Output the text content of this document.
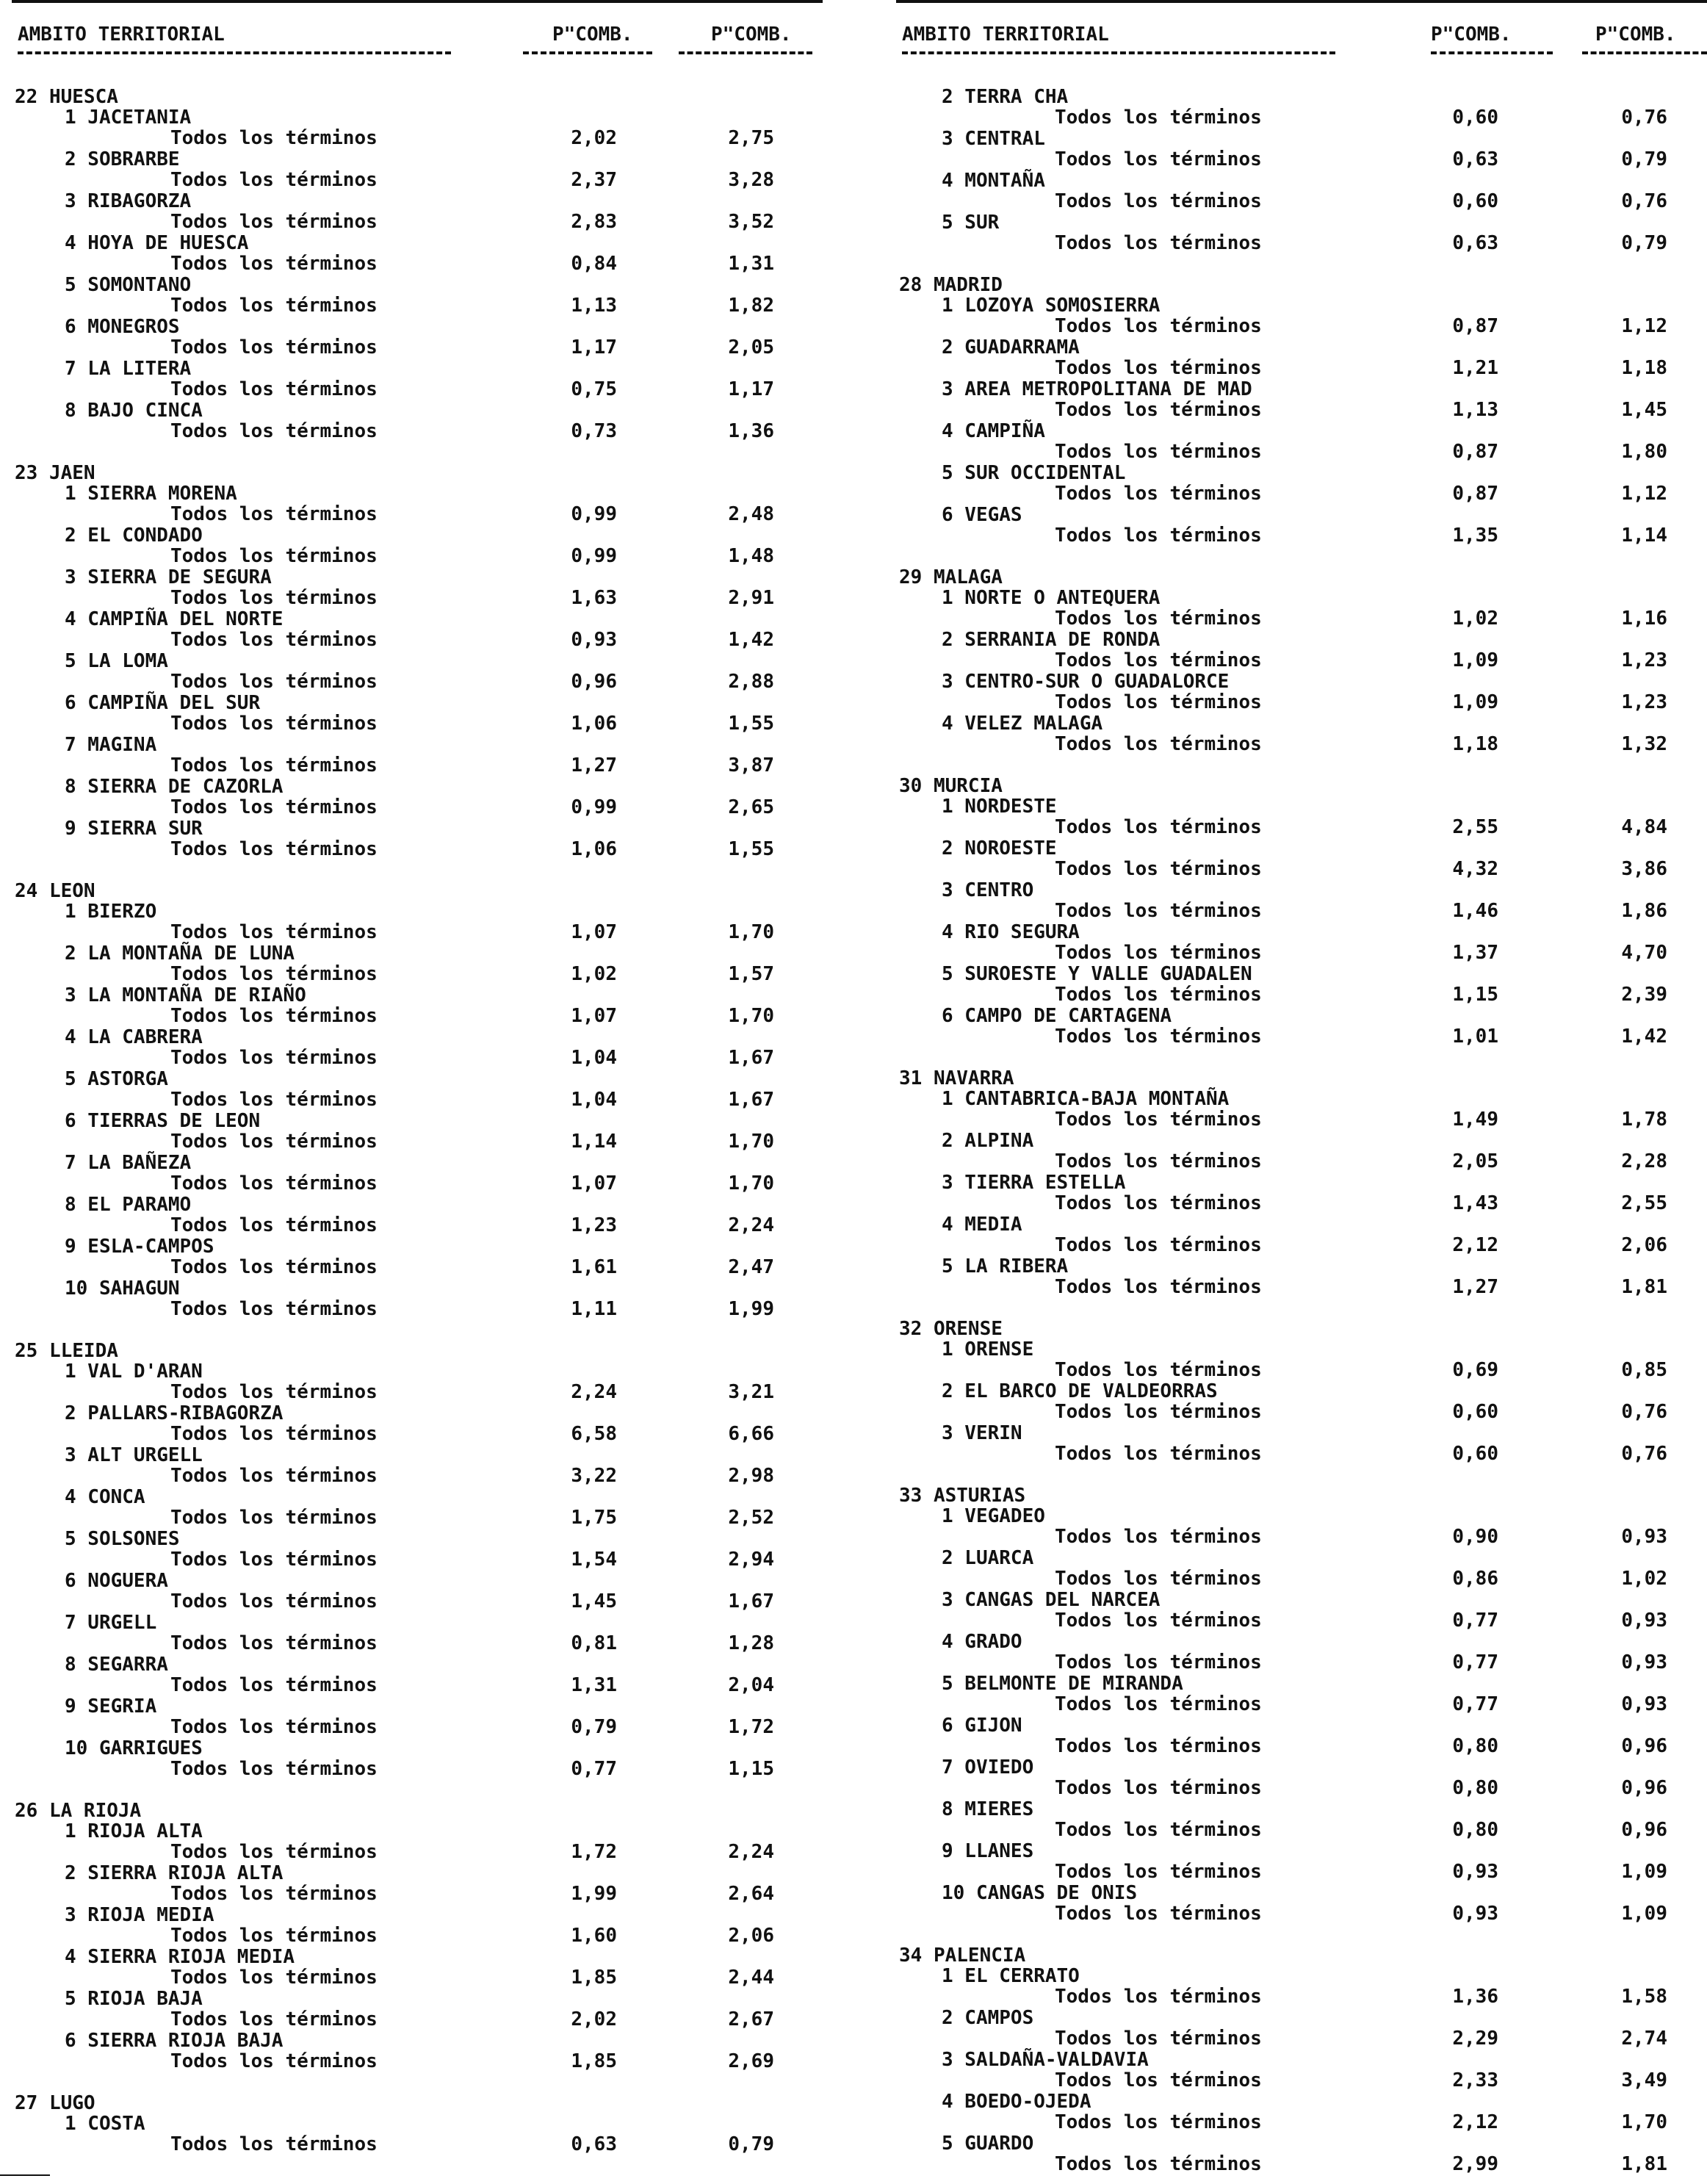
AMBITO TERRITORIAL	P"COMB.	P"COMB.
22 HUESCA
1 JACETANIA
Todos los términos	2,02	2,75
2 SOBRARBE
Todos los términos	2,37	3,28
3 RIBAGORZA
Todos los términos	2,83	3,52
4 HOYA DE HUESCA
Todos los términos	0,84	1,31
5 SOMONTANO
Todos los términos	1,13	1,82
6 MONEGROS
Todos los términos	1,17	2,05
7 LA LITERA
Todos los términos	0,75	1,17
8 BAJO CINCA
Todos los términos	0,73	1,36
23 JAEN
1 SIERRA MORENA
Todos los términos	0,99	2,48
2 EL CONDADO
Todos los términos	0,99	1,48
3 SIERRA DE SEGURA
Todos los términos	1,63	2,91
4 CAMPIÑA DEL NORTE
Todos los términos	0,93	1,42
5 LA LOMA
Todos los términos	0,96	2,88
6 CAMPIÑA DEL SUR
Todos los términos	1,06	1,55
7 MAGINA
Todos los términos	1,27	3,87
8 SIERRA DE CAZORLA
Todos los términos	0,99	2,65
9 SIERRA SUR
Todos los términos	1,06	1,55
24 LEON
1 BIERZO
Todos los términos	1,07	1,70
2 LA MONTAÑA DE LUNA
Todos los términos	1,02	1,57
3 LA MONTAÑA DE RIAÑO
Todos los términos	1,07	1,70
4 LA CABRERA
Todos los términos	1,04	1,67
5 ASTORGA
Todos los términos	1,04	1,67
6 TIERRAS DE LEON
Todos los términos	1,14	1,70
7 LA BAÑEZA
Todos los términos	1,07	1,70
8 EL PARAMO
Todos los términos	1,23	2,24
9 ESLA-CAMPOS
Todos los términos	1,61	2,47
10 SAHAGUN
Todos los términos	1,11	1,99
25 LLEIDA
1 VAL D'ARAN
Todos los términos	2,24	3,21
2 PALLARS-RIBAGORZA
Todos los términos	6,58	6,66
3 ALT URGELL
Todos los términos	3,22	2,98
4 CONCA
Todos los términos	1,75	2,52
5 SOLSONES
Todos los términos	1,54	2,94
6 NOGUERA
Todos los términos	1,45	1,67
7 URGELL
Todos los términos	0,81	1,28
8 SEGARRA
Todos los términos	1,31	2,04
9 SEGRIA
Todos los términos	0,79	1,72
10 GARRIGUES
Todos los términos	0,77	1,15
26 LA RIOJA
1 RIOJA ALTA
Todos los términos	1,72	2,24
2 SIERRA RIOJA ALTA
Todos los términos	1,99	2,64
3 RIOJA MEDIA
Todos los términos	1,60	2,06
4 SIERRA RIOJA MEDIA
Todos los términos	1,85	2,44
5 RIOJA BAJA
Todos los términos	2,02	2,67
6 SIERRA RIOJA BAJA
Todos los términos	1,85	2,69
27 LUGO
1 COSTA
Todos los términos	0,63	0,79
AMBITO TERRITORIAL	P"COMB.	P"COMB.
2 TERRA CHA
Todos los términos	0,60	0,76
3 CENTRAL
Todos los términos	0,63	0,79
4 MONTAÑA
Todos los términos	0,60	0,76
5 SUR
Todos los términos	0,63	0,79
28 MADRID
1 LOZOYA SOMOSIERRA
Todos los términos	0,87	1,12
2 GUADARRAMA
Todos los términos	1,21	1,18
3 AREA METROPOLITANA DE MAD
Todos los términos	1,13	1,45
4 CAMPIÑA
Todos los términos	0,87	1,80
5 SUR OCCIDENTAL
Todos los términos	0,87	1,12
6 VEGAS
Todos los términos	1,35	1,14
29 MALAGA
1 NORTE O ANTEQUERA
Todos los términos	1,02	1,16
2 SERRANIA DE RONDA
Todos los términos	1,09	1,23
3 CENTRO-SUR O GUADALORCE
Todos los términos	1,09	1,23
4 VELEZ MALAGA
Todos los términos	1,18	1,32
30 MURCIA
1 NORDESTE
Todos los términos	2,55	4,84
2 NOROESTE
Todos los términos	4,32	3,86
3 CENTRO
Todos los términos	1,46	1,86
4 RIO SEGURA
Todos los términos	1,37	4,70
5 SUROESTE Y VALLE GUADALEN
Todos los términos	1,15	2,39
6 CAMPO DE CARTAGENA
Todos los términos	1,01	1,42
31 NAVARRA
1 CANTABRICA-BAJA MONTAÑA
Todos los términos	1,49	1,78
2 ALPINA
Todos los términos	2,05	2,28
3 TIERRA ESTELLA
Todos los términos	1,43	2,55
4 MEDIA
Todos los términos	2,12	2,06
5 LA RIBERA
Todos los términos	1,27	1,81
32 ORENSE
1 ORENSE
Todos los términos	0,69	0,85
2 EL BARCO DE VALDEORRAS
Todos los términos	0,60	0,76
3 VERIN
Todos los términos	0,60	0,76
33 ASTURIAS
1 VEGADEO
Todos los términos	0,90	0,93
2 LUARCA
Todos los términos	0,86	1,02
3 CANGAS DEL NARCEA
Todos los términos	0,77	0,93
4 GRADO
Todos los términos	0,77	0,93
5 BELMONTE DE MIRANDA
Todos los términos	0,77	0,93
6 GIJON
Todos los términos	0,80	0,96
7 OVIEDO
Todos los términos	0,80	0,96
8 MIERES
Todos los términos	0,80	0,96
9 LLANES
Todos los términos	0,93	1,09
10 CANGAS DE ONIS
Todos los términos	0,93	1,09
34 PALENCIA
1 EL CERRATO
Todos los términos	1,36	1,58
2 CAMPOS
Todos los términos	2,29	2,74
3 SALDAÑA-VALDAVIA
Todos los términos	2,33	3,49
4 BOEDO-OJEDA
Todos los términos	2,12	1,70
5 GUARDO
Todos los términos	2,99	1,81
